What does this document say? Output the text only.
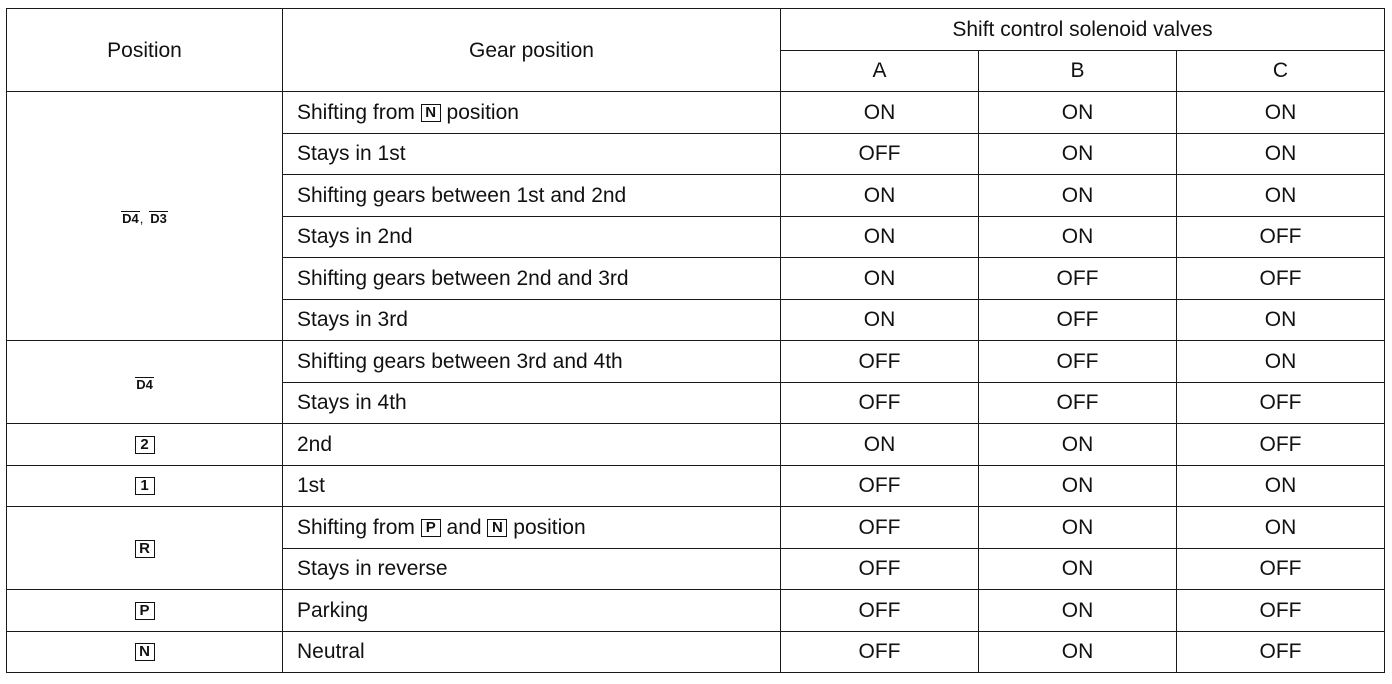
Position	Gear position	Shift control solenoid valves		
		A	B	C
D4, D3	Shifting from N position	ON	ON	ON
	Stays in 1st	OFF	ON	ON
	Shifting gears between 1st and 2nd	ON	ON	ON
	Stays in 2nd	ON	ON	OFF
	Shifting gears between 2nd and 3rd	ON	OFF	OFF
	Stays in 3rd	ON	OFF	ON
D4	Shifting gears between 3rd and 4th	OFF	OFF	ON
	Stays in 4th	OFF	OFF	OFF
2	2nd	ON	ON	OFF
1	1st	OFF	ON	ON
R	Shifting from P and N position	OFF	ON	ON
	Stays in reverse	OFF	ON	OFF
P	Parking	OFF	ON	OFF
N	Neutral	OFF	ON	OFF
